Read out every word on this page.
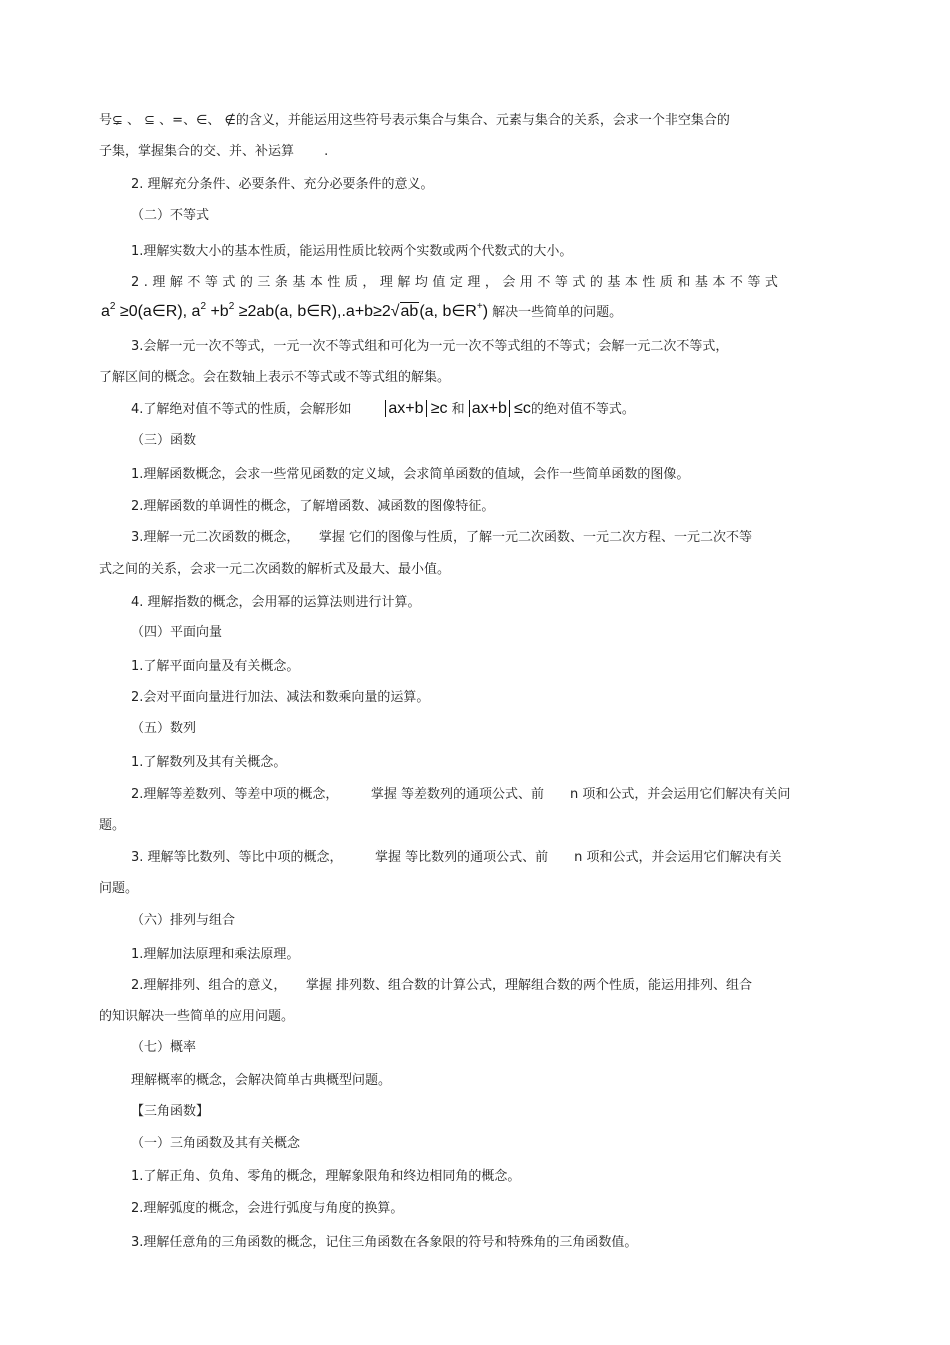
号⊊ 、 ⊆ 、=、∈、 ∉的含义，并能运用这些符号表示集合与集合、元素与集合的关系，会求一个非空集合的
子集，掌握集合的交、并、补运算　　 .
2. 理解充分条件、必要条件、充分必要条件的意义。
（二）不等式
1.理解实数大小的基本性质，能运用性质比较两个实数或两个代数式的大小。
2.理解不等式的三条基本性质，理解均值定理，会用不等式的基本性质和基本不等式
$a^2$ ≥0(a∈R), $a^2 +b^2 \ge 2ab(a$, b∈R),.a+b≥2√ab(a, b∈R+) 解决一些简单的问题。
3.会解一元一次不等式，一元一次不等式组和可化为一元一次不等式组的不等式；会解一元二次不等式，
了解区间的概念。会在数轴上表示不等式或不等式组的解集。
4.了解绝对值不等式的性质，会解形如 ax+b ≥c 和 ax+b ≤c的绝对值不等式。
（三）函数
1.理解函数概念，会求一些常见函数的定义域，会求简单函数的值域，会作一些简单函数的图像。
2.理解函数的单调性的概念，了解增函数、减函数的图像特征。
3.理解一元二次函数的概念，　　掌握 它们的图像与性质，了解一元二次函数、一元二次方程、一元二次不等
式之间的关系，会求一元二次函数的解析式及最大、最小值。
4. 理解指数的概念，会用幂的运算法则进行计算。
（四）平面向量
1.了解平面向量及有关概念。
2.会对平面向量进行加法、减法和数乘向量的运算。
（五）数列
1.了解数列及其有关概念。
2.理解等差数列、等差中项的概念，　　　掌握 等差数列的通项公式、前　　n 项和公式，并会运用它们解决有关问
题。
3. 理解等比数列、等比中项的概念，　　　掌握 等比数列的通项公式、前　　n 项和公式，并会运用它们解决有关
问题。
（六）排列与组合
1.理解加法原理和乘法原理。
2.理解排列、组合的意义，　　掌握 排列数、组合数的计算公式，理解组合数的两个性质，能运用排列、组合
的知识解决一些简单的应用问题。
（七）概率
理解概率的概念，会解决简单古典概型问题。
【三角函数】
（一）三角函数及其有关概念
1.了解正角、负角、零角的概念，理解象限角和终边相同角的概念。
2.理解弧度的概念，会进行弧度与角度的换算。
3.理解任意角的三角函数的概念，记住三角函数在各象限的符号和特殊角的三角函数值。
